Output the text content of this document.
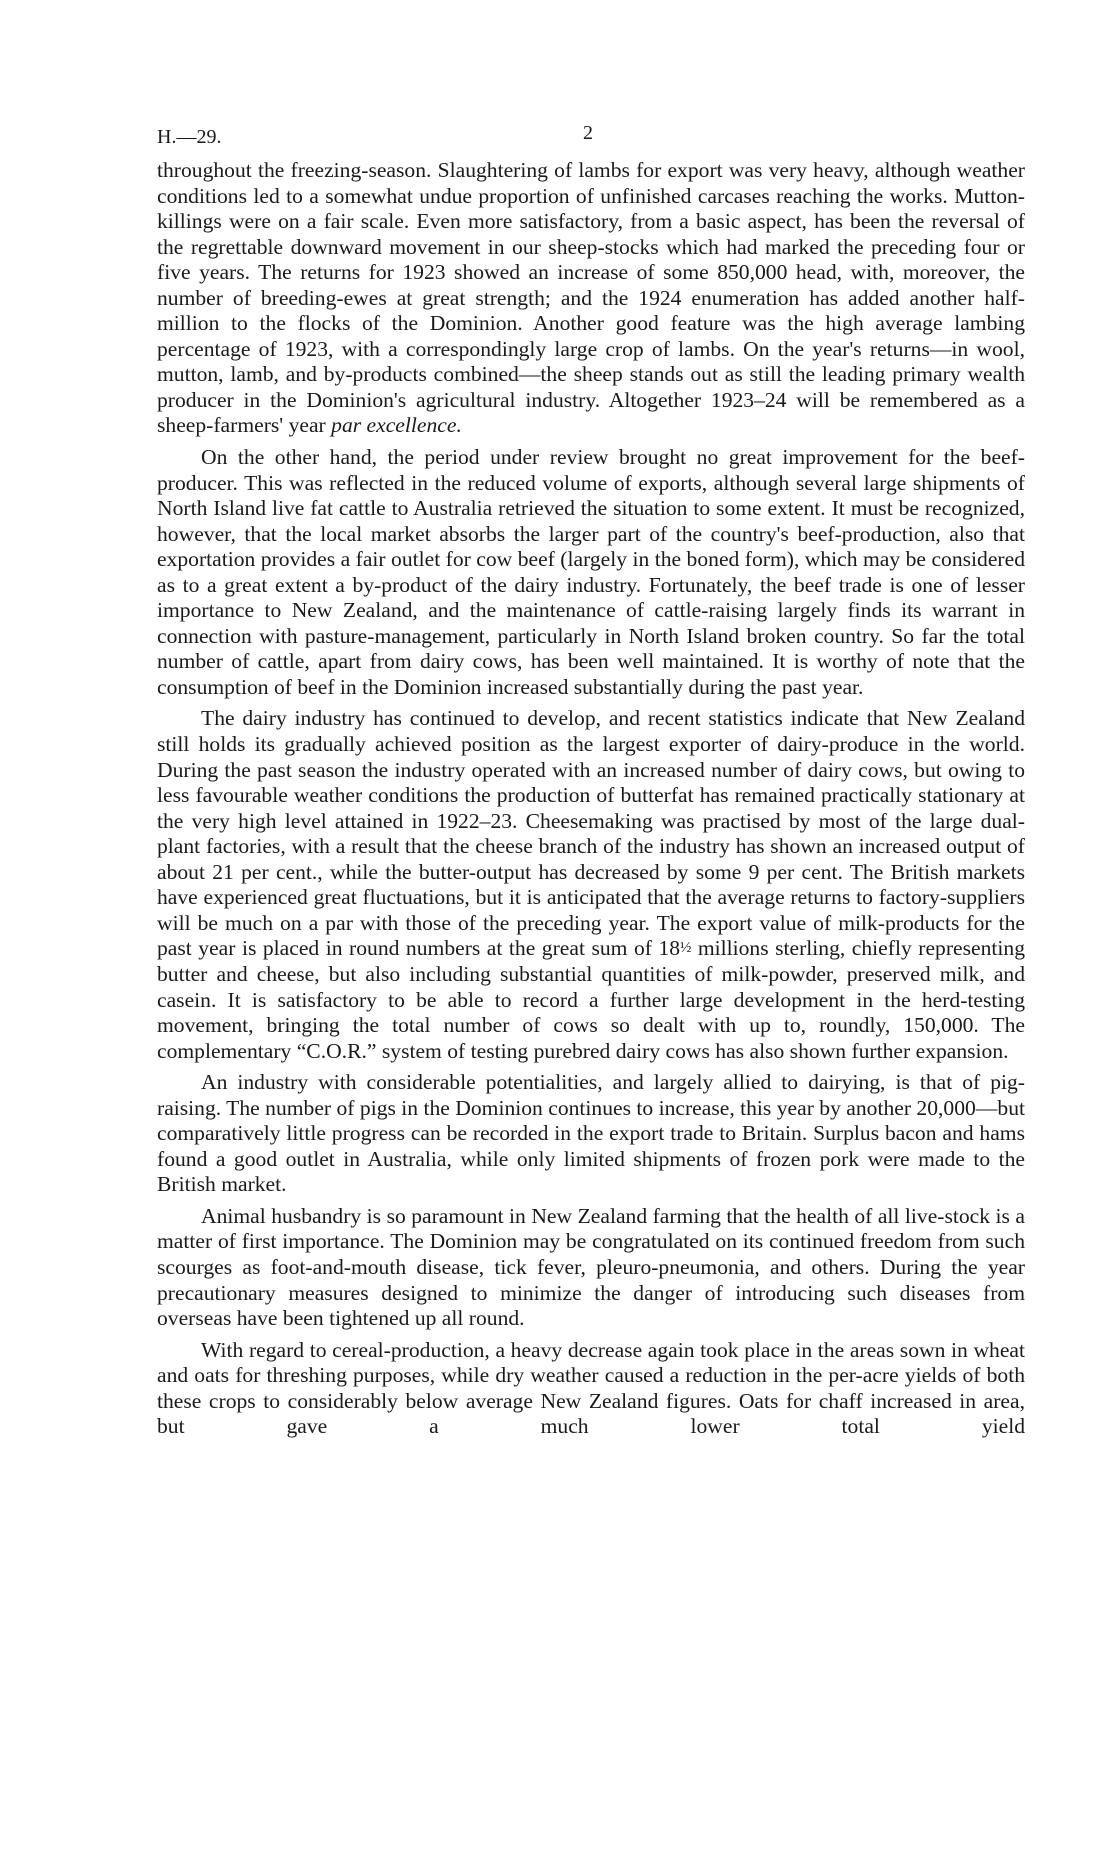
H.—29.	2

throughout the freezing-season. Slaughtering of lambs for export was very heavy, although weather conditions led to a somewhat undue proportion of unfinished carcases reaching the works. Mutton-killings were on a fair scale. Even more satisfactory, from a basic aspect, has been the reversal of the regrettable downward movement in our sheep-stocks which had marked the preceding four or five years. The returns for 1923 showed an increase of some 850,000 head, with, moreover, the number of breeding-ewes at great strength; and the 1924 enumeration has added another half-million to the flocks of the Dominion. Another good feature was the high average lambing percentage of 1923, with a correspondingly large crop of lambs. On the year's returns—in wool, mutton, lamb, and by-products combined—the sheep stands out as still the leading primary wealth producer in the Dominion's agricultural industry. Altogether 1923–24 will be remembered as a sheep-farmers' year par excellence.

On the other hand, the period under review brought no great improvement for the beef-producer. This was reflected in the reduced volume of exports, although several large shipments of North Island live fat cattle to Australia retrieved the situation to some extent. It must be recognized, however, that the local market absorbs the larger part of the country's beef-production, also that exportation provides a fair outlet for cow beef (largely in the boned form), which may be considered as to a great extent a by-product of the dairy industry. Fortunately, the beef trade is one of lesser importance to New Zealand, and the maintenance of cattle-raising largely finds its warrant in connection with pasture-management, particularly in North Island broken country. So far the total number of cattle, apart from dairy cows, has been well maintained. It is worthy of note that the consumption of beef in the Dominion increased substantially during the past year.

The dairy industry has continued to develop, and recent statistics indicate that New Zealand still holds its gradually achieved position as the largest exporter of dairy-produce in the world. During the past season the industry operated with an increased number of dairy cows, but owing to less favourable weather conditions the production of butterfat has remained practically stationary at the very high level attained in 1922–23. Cheesemaking was practised by most of the large dual-plant factories, with a result that the cheese branch of the industry has shown an increased output of about 21 per cent., while the butter-output has decreased by some 9 per cent. The British markets have experienced great fluctuations, but it is anticipated that the average returns to factory-suppliers will be much on a par with those of the preceding year. The export value of milk-products for the past year is placed in round numbers at the great sum of 18½ millions sterling, chiefly representing butter and cheese, but also including substantial quantities of milk-powder, preserved milk, and casein. It is satisfactory to be able to record a further large development in the herd-testing movement, bringing the total number of cows so dealt with up to, roundly, 150,000. The complementary “C.O.R.” system of testing purebred dairy cows has also shown further expansion.

An industry with considerable potentialities, and largely allied to dairying, is that of pig-raising. The number of pigs in the Dominion continues to increase, this year by another 20,000—but comparatively little progress can be recorded in the export trade to Britain. Surplus bacon and hams found a good outlet in Australia, while only limited shipments of frozen pork were made to the British market.

Animal husbandry is so paramount in New Zealand farming that the health of all live-stock is a matter of first importance. The Dominion may be congratulated on its continued freedom from such scourges as foot-and-mouth disease, tick fever, pleuro-pneumonia, and others. During the year precautionary measures designed to minimize the danger of introducing such diseases from overseas have been tightened up all round.

With regard to cereal-production, a heavy decrease again took place in the areas sown in wheat and oats for threshing purposes, while dry weather caused a reduction in the per-acre yields of both these crops to considerably below average New Zealand figures. Oats for chaff increased in area, but gave a much lower total yield
